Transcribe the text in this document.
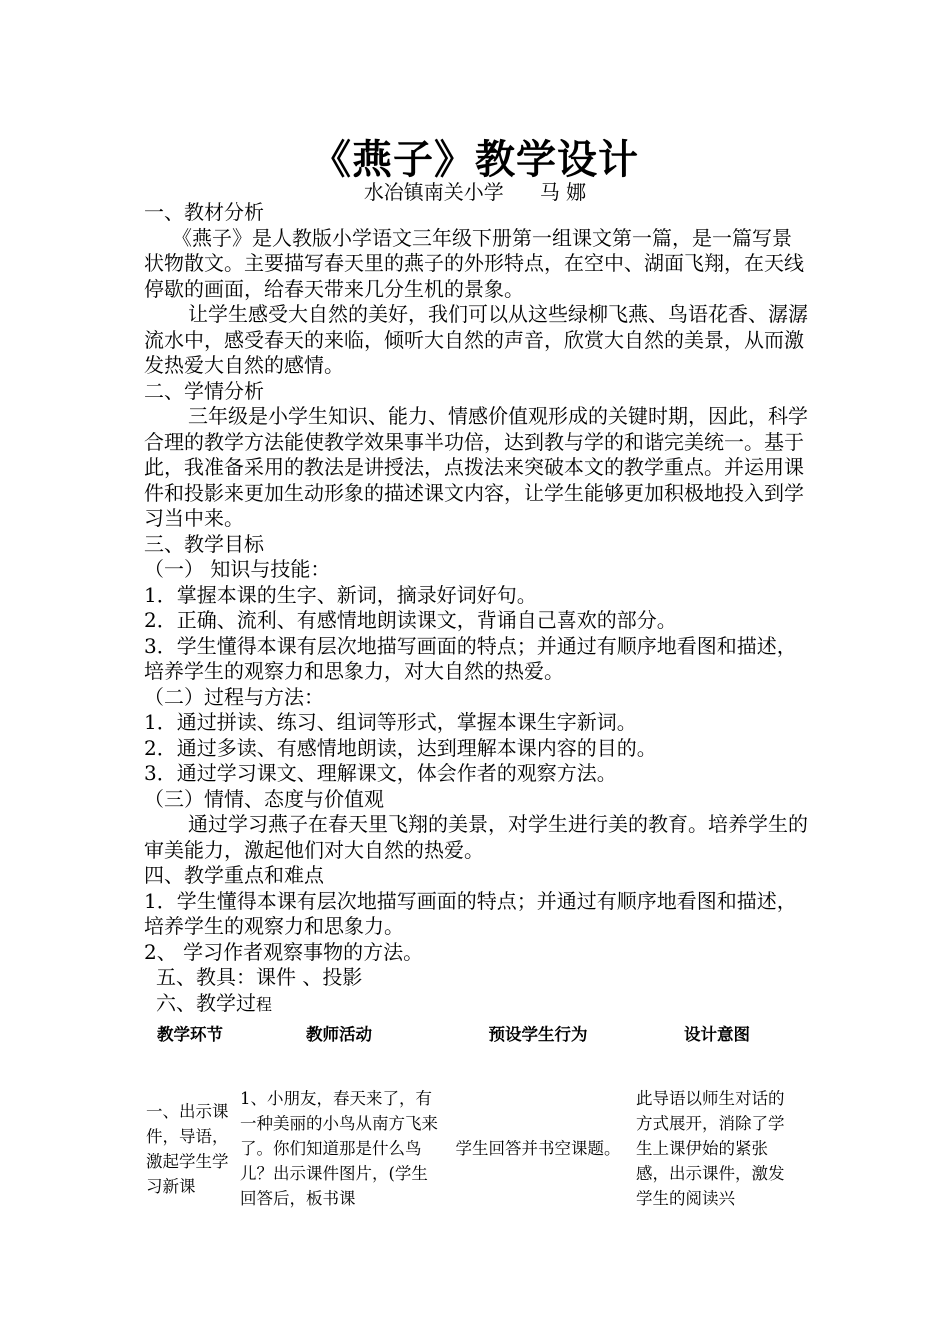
《燕子》教学设计
水冶镇南关小学 马 娜

一、教材分析

《燕子》是人教版小学语文三年级下册第一组课文第一篇，是一篇写景状物散文。主要描写春天里的燕子的外形特点，在空中、湖面飞翔，在天线停歇的画面，给春天带来几分生机的景象。

让学生感受大自然的美好，我们可以从这些绿柳飞燕、鸟语花香、潺潺流水中，感受春天的来临，倾听大自然的声音，欣赏大自然的美景，从而激发热爱大自然的感情。

二、学情分析

三年级是小学生知识、能力、情感价值观形成的关键时期，因此，科学合理的教学方法能使教学效果事半功倍，达到教与学的和谐完美统一。基于此，我准备采用的教法是讲授法，点拨法来突破本文的教学重点。并运用课件和投影来更加生动形象的描述课文内容，让学生能够更加积极地投入到学习当中来。

三、教学目标

（一） 知识与技能：

1．掌握本课的生字、新词，摘录好词好句。

2．正确、流利、有感情地朗读课文，背诵自己喜欢的部分。

3．学生懂得本课有层次地描写画面的特点；并通过有顺序地看图和描述，培养学生的观察力和思象力，对大自然的热爱。

（二）过程与方法：

1．通过拼读、练习、组词等形式，掌握本课生字新词。

2．通过多读、有感情地朗读，达到理解本课内容的目的。

3．通过学习课文、理解课文，体会作者的观察方法。

（三）情情、态度与价值观

通过学习燕子在春天里飞翔的美景，对学生进行美的教育。培养学生的审美能力，激起他们对大自然的热爱。

四、教学重点和难点

1．学生懂得本课有层次地描写画面的特点；并通过有顺序地看图和描述，培养学生的观察力和思象力。

2、 学习作者观察事物的方法。

五、教具：课件 、投影

六、教学过程

教学环节	教师活动	预设学生行为	设计意图

一、出示课件，导语，激起学生学习新课	1、小朋友，春天来了，有一种美丽的小鸟从南方飞来了。你们知道那是什么鸟儿？出示课件图片，(学生回答后，板书课	学生回答并书空课题。	此导语以师生对话的方式展开，消除了学生上课伊始的紧张感，出示课件，激发学生的阅读兴
